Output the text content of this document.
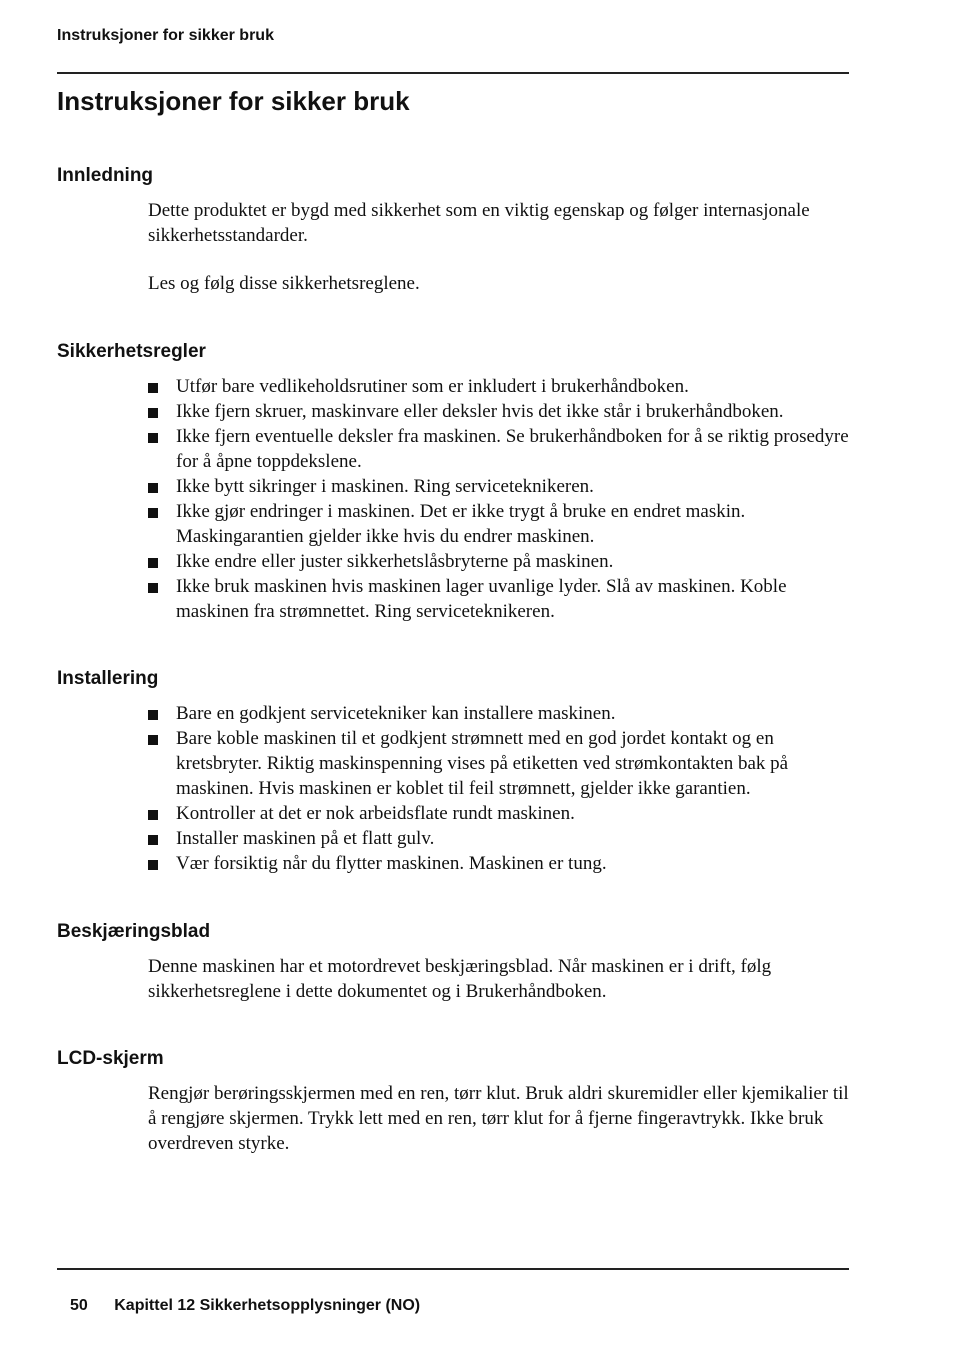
Instruksjoner for sikker bruk
Instruksjoner for sikker bruk
Innledning

Dette produktet er bygd med sikkerhet som en viktig egenskap og følger internasjonale sikkerhetsstandarder.

Les og følg disse sikkerhetsreglene.

Sikkerhetsregler
Utfør bare vedlikeholdsrutiner som er inkludert i brukerhåndboken.
Ikke fjern skruer, maskinvare eller deksler hvis det ikke står i brukerhåndboken.
Ikke fjern eventuelle deksler fra maskinen. Se brukerhåndboken for å se riktig prosedyre for å åpne toppdekslene.
Ikke bytt sikringer i maskinen. Ring serviceteknikeren.
Ikke gjør endringer i maskinen. Det er ikke trygt å bruke en endret maskin. Maskingarantien gjelder ikke hvis du endrer maskinen.
Ikke endre eller juster sikkerhetslåsbryterne på maskinen.
Ikke bruk maskinen hvis maskinen lager uvanlige lyder. Slå av maskinen. Koble maskinen fra strømnettet. Ring serviceteknikeren.
Installering
Bare en godkjent servicetekniker kan installere maskinen.
Bare koble maskinen til et godkjent strømnett med en god jordet kontakt og en kretsbryter. Riktig maskinspenning vises på etiketten ved strømkontakten bak på maskinen. Hvis maskinen er koblet til feil strømnett, gjelder ikke garantien.
Kontroller at det er nok arbeidsflate rundt maskinen.
Installer maskinen på et flatt gulv.
Vær forsiktig når du flytter maskinen. Maskinen er tung.
Beskjæringsblad

Denne maskinen har et motordrevet beskjæringsblad. Når maskinen er i drift, følg sikkerhetsreglene i dette dokumentet og i Brukerhåndboken.

LCD-skjerm

Rengjør berøringsskjermen med en ren, tørr klut. Bruk aldri skuremidler eller kjemikalier til å rengjøre skjermen. Trykk lett med en ren, tørr klut for å fjerne fingeravtrykk. Ikke bruk overdreven styrke.

50 Kapittel 12 Sikkerhetsopplysninger (NO)
